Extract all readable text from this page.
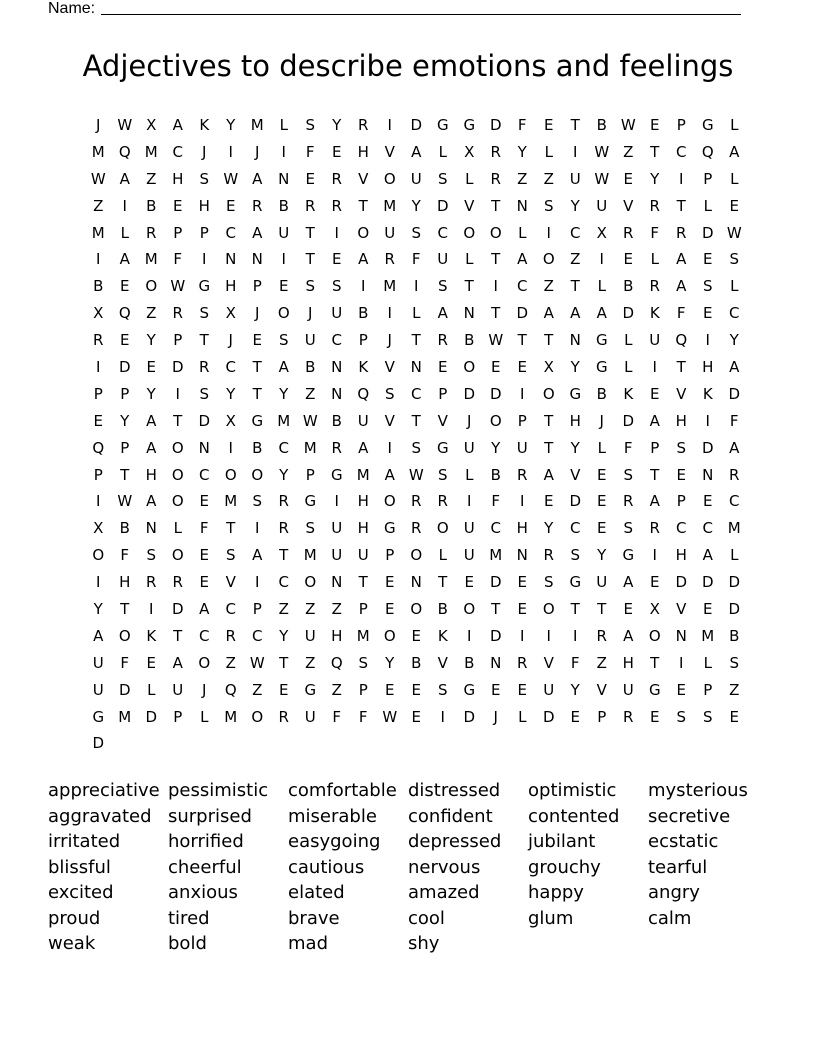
Name:
Adjectives to describe emotions and feelings
J	W X	A	K	Y	M	L	S	Y	R	I	D G G D	F	E	T	B W E	P	G	L
M Q M C	J	I	J	I	F	E	H	V	A	L	X	R	Y	L	I	W Z	T	C	Q	A
W A	Z	H	S W A	N	E	R	V	O	U	S	L	R	Z	Z	U W E	Y	I	P	L
Z	I	B	E	H	E	R	B	R	R	T	M	Y	D	V	T	N	S	Y	U	V	R	T	L	E
M	L	R	P	P	C	A	U	T	I	O	U	S	C	O O	L	I	C	X	R	F	R	D W
I	A M	F	I	N	N	I	T	E	A	R	F	U	L	T	A	O	Z	I	E	L	A	E	S
B	E	O W G	H	P	E	S	S	I	M	I	S	T	I	C	Z	T	L	B	R	A	S	L
X	Q	Z	R	S	X	J	O	J	U	B	I	L	A	N	T	D	A	A	A	D	K	F	E	C
R	E	Y	P	T	J	E	S	U	C	P	J	T	R	B W T	T	N	G	L	U	Q	I	Y
I	D	E	D	R	C	T	A	B	N	K	V	N	E	O	E	E	X	Y	G	L	I	T	H	A
P	P	Y	I	S	Y	T	Y	Z	N Q	S	C	P	D D	I	O G	B	K	E	V	K	D
E	Y	A	T	D	X	G M W B	U	V	T	V	J	O	P	T	H	J	D	A	H	I	F
Q	P	A	O N	I	B	C M R	A	I	S	G	U	Y	U	T	Y	L	F	P	S	D	A
P	T	H O	C	O O	Y	P	G M A W S	L	B	R	A	V	E	S	T	E	N	R
I	W A	O	E	M	S	R	G	I	H O	R	R	I	F	I	E	D	E	R	A	P	E	C
X	B	N	L	F	T	I	R	S	U	H	G	R	O	U	C	H	Y	C	E	S	R	C	C M
O	F	S	O	E	S	A	T	M U	U	P	O	L	U M N	R	S	Y	G	I	H	A	L
I	H	R	R	E	V	I	C	O N	T	E	N	T	E	D	E	S	G	U	A	E	D D D
Y	T	I	D	A	C	P	Z	Z	Z	P	E	O	B	O	T	E	O	T	T	E	X	V	E	D
A	O	K	T	C	R	C	Y	U	H M O	E	K	I	D	I	I	I	R	A	O N M B
U	F	E	A	O	Z W T	Z	Q	S	Y	B	V	B	N	R	V	F	Z	H	T	I	L	S
U	D	L	U	J	Q	Z	E	G	Z	P	E	E	S	G	E	E	U	Y	V	U	G	E	P	Z
G M D	P	L	M O	R	U	F	F W E	I	D	J	L	D	E	P	R	E	S	S	E
D
appreciative pessimistic	comfortable distressed	optimistic	mysterious
aggravated surprised	miserable	confident	contented	secretive
irritated	horrified	easygoing	depressed	jubilant	ecstatic
blissful	cheerful	cautious	nervous	grouchy	tearful
excited	anxious	elated	amazed	happy	angry
proud	tired	brave	cool	glum	calm
weak	bold	mad	shy
